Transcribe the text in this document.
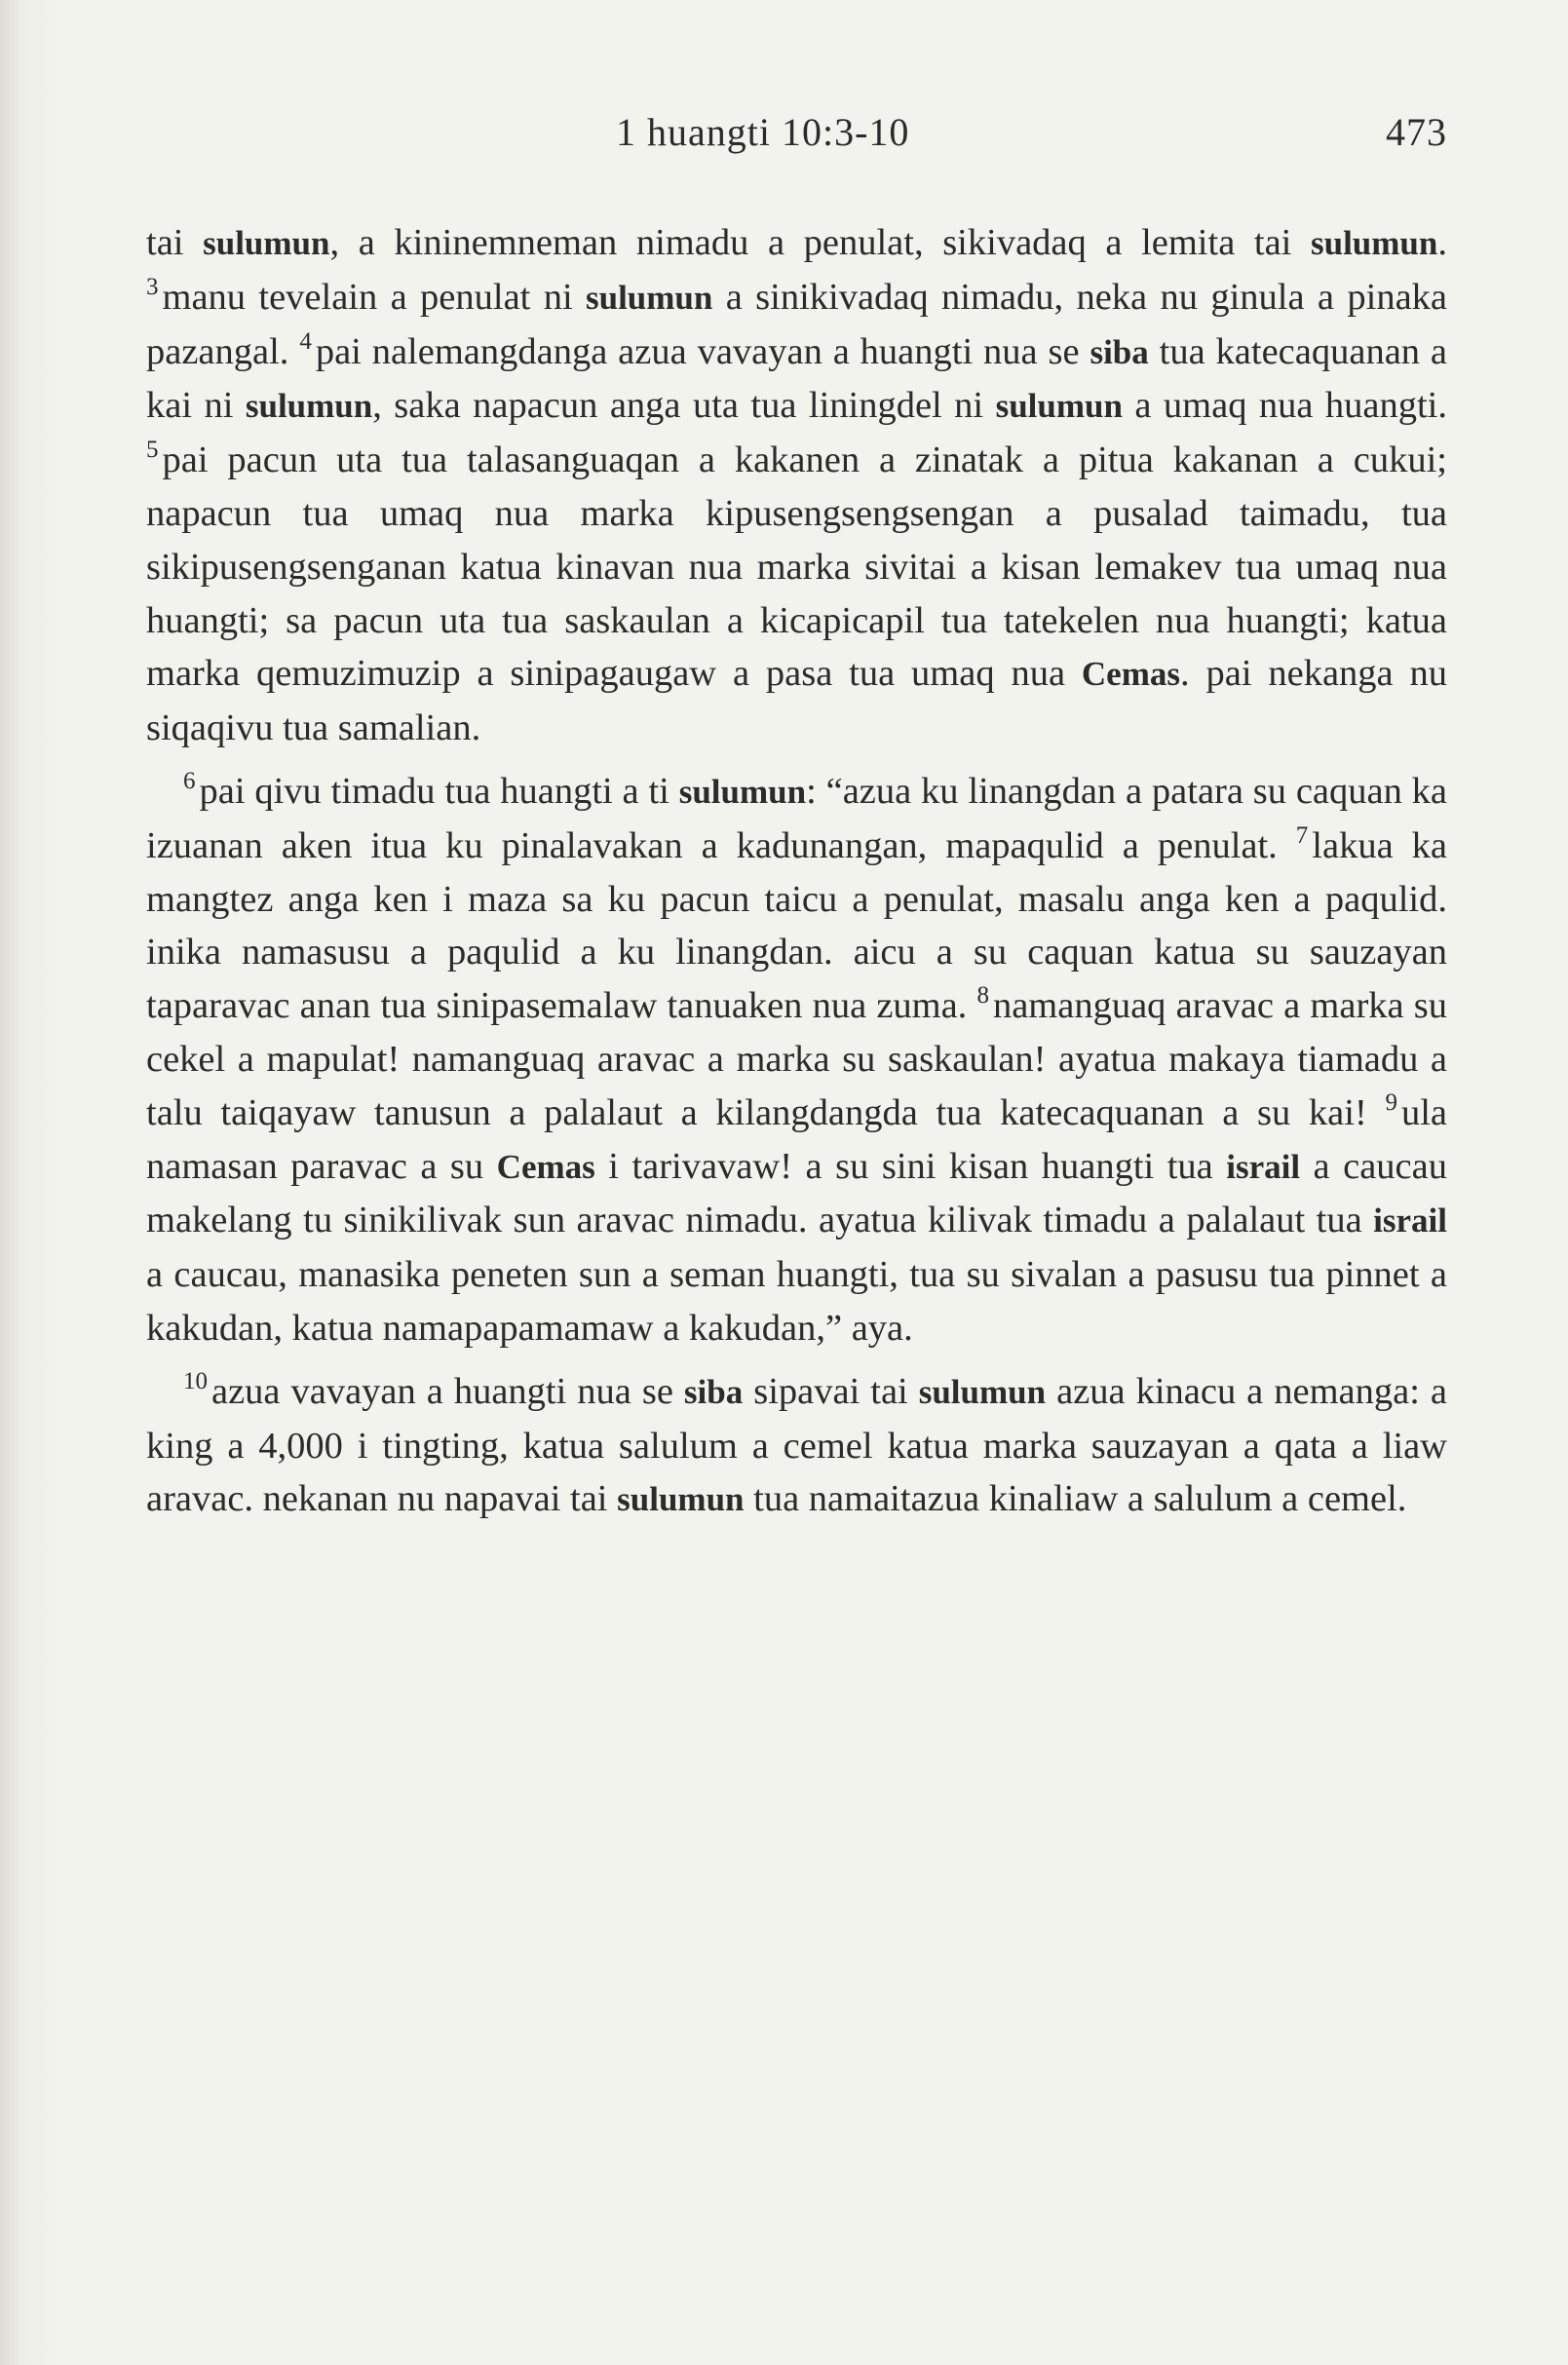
1 huangti 10:3-10	473

tai sulumun, a kininemneman nimadu a penulat, sikivadaq a lemita tai sulumun. $^3$ manu tevelain a penulat ni sulumun a sinikivadaq nimadu, neka nu ginula a pinaka pazangal. $^4$ pai nalemangdanga azua vavayan a huangti nua se siba tua katecaquanan a kai ni sulumun, saka napacun anga uta tua liningdel ni sulumun a umaq nua huangti. $^5$ pai pacun uta tua talasanguaqan a kakanen a zinatak a pitua kakanan a cukui; napacun tua umaq nua marka kipusengsengsengan a pusalad taimadu, tua sikipusengsenganan katua kinavan nua marka sivitai a kisan lemakev tua umaq nua huangti; sa pacun uta tua saskaulan a kicapicapil tua tatekelen nua huangti; katua marka qemuzimuzip a sinipagaugaw a pasa tua umaq nua Cemas. pai nekanga nu siqaqivu tua samalian.

$^6$ pai qivu timadu tua huangti a ti sulumun: “azua ku linangdan a patara su caquan ka izuanan aken itua ku pinalavakan a kadunangan, mapaqulid a penulat. $^7$ lakua ka mangtez anga ken i maza sa ku pacun taicu a penulat, masalu anga ken a paqulid. inika namasusu a paqulid a ku linangdan. aicu a su caquan katua su sauzayan taparavac anan tua sinipasemalaw tanuaken nua zuma. $^8$ namanguaq aravac a marka su cekel a mapulat! namanguaq aravac a marka su saskaulan! ayatua makaya tiamadu a talu taiqayaw tanusun a palalaut a kilangdangda tua katecaquanan a su kai! $^9$ ula namasan paravac a su Cemas i tarivavaw! a su sini kisan huangti tua israil a caucau makelang tu sinikilivak sun aravac nimadu. ayatua kilivak timadu a palalaut tua israil a caucau, manasika peneten sun a seman huangti, tua su sivalan a pasusu tua pinnet a kakudan, katua namapapamamaw a kakudan,” aya.

$^{10}$ azua vavayan a huangti nua se siba sipavai tai sulumun azua kinacu a nemanga: a king a 4,000 i tingting, katua salulum a cemel katua marka sauzayan a qata a liaw aravac. nekanan nu napavai tai sulumun tua namaitazua kinaliaw a salulum a cemel.
